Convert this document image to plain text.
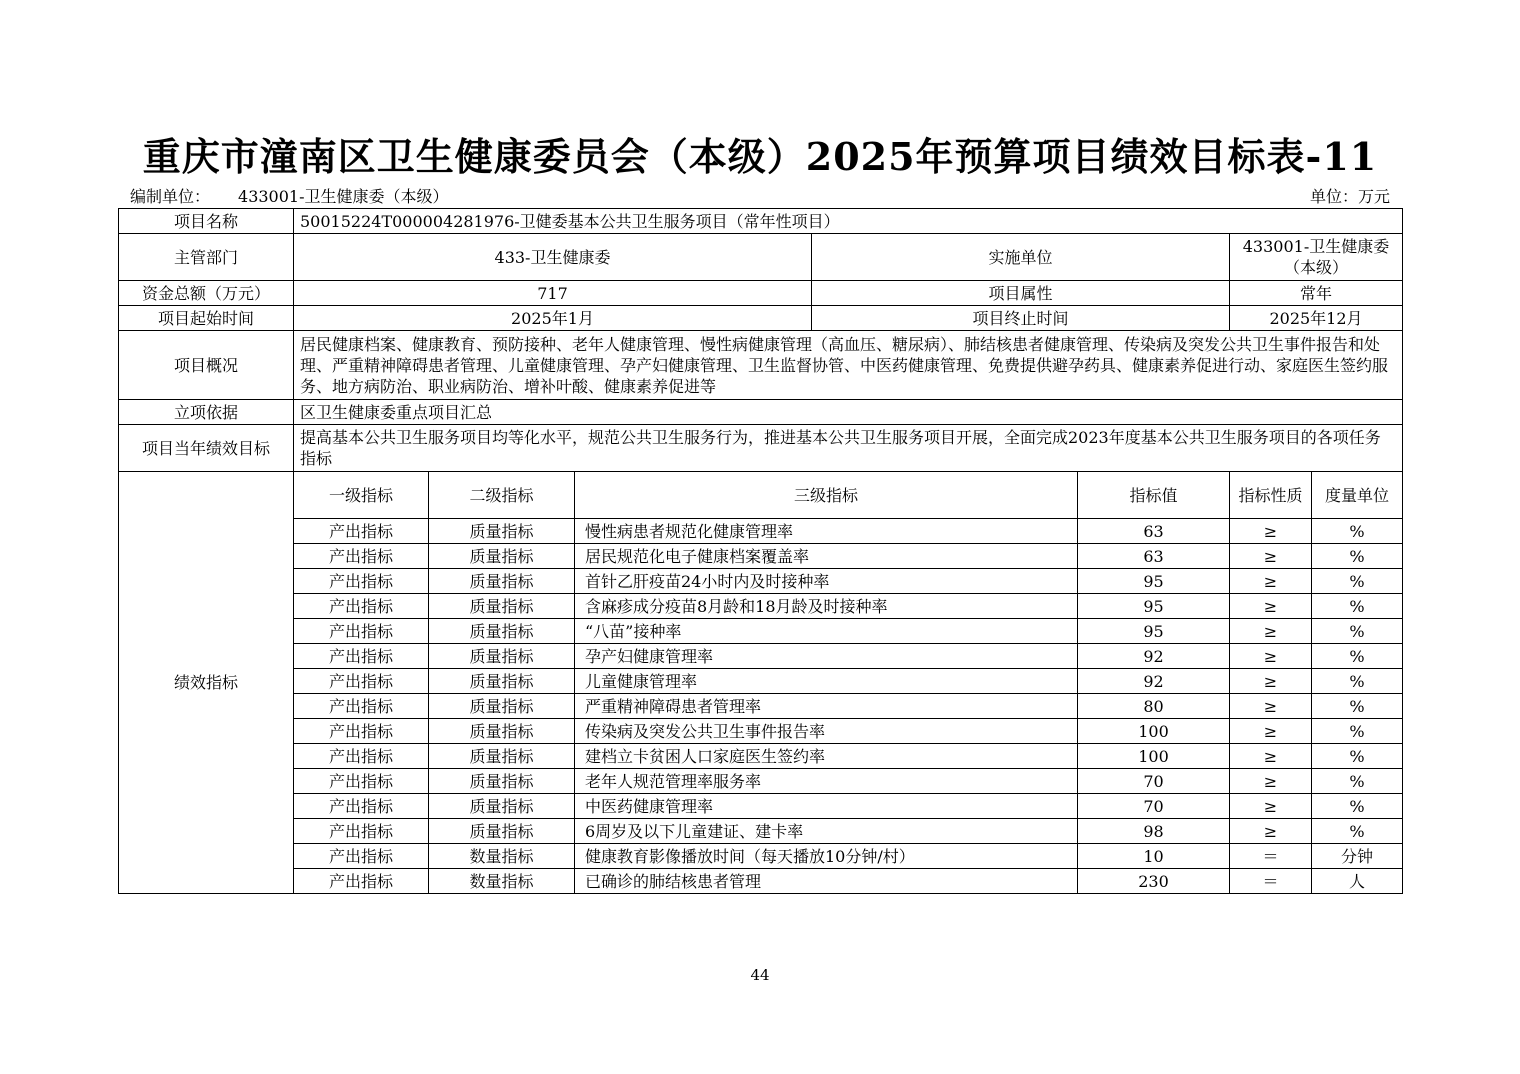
重庆市潼南区卫生健康委员会（本级）2025年预算项目绩效目标表-11
编制单位： 433001-卫生健康委（本级）	单位：万元
项目名称	50015224T000004281976-卫健委基本公共卫生服务项目（常年性项目）						
主管部门	433-卫生健康委			实施单位		433001-卫生健康委（本级）	
资金总额（万元）	717			项目属性		常年	
项目起始时间	2025年1月			项目终止时间		2025年12月	
项目概况	居民健康档案、健康教育、预防接种、老年人健康管理、慢性病健康管理（高血压、糖尿病）、肺结核患者健康管理、传染病及突发公共卫生事件报告和处理、严重精神障碍患者管理、儿童健康管理、孕产妇健康管理、卫生监督协管、中医药健康管理、免费提供避孕药具、健康素养促进行动、家庭医生签约服务、地方病防治、职业病防治、增补叶酸、健康素养促进等						
立项依据	区卫生健康委重点项目汇总						
项目当年绩效目标	提高基本公共卫生服务项目均等化水平，规范公共卫生服务行为，推进基本公共卫生服务项目开展，全面完成2023年度基本公共卫生服务项目的各项任务指标						
绩效指标	一级指标	二级指标	三级指标		指标值	指标性质	度量单位
	产出指标	质量指标	慢性病患者规范化健康管理率		63	≥	%
	产出指标	质量指标	居民规范化电子健康档案覆盖率		63	≥	%
	产出指标	质量指标	首针乙肝疫苗24小时内及时接种率		95	≥	%
	产出指标	质量指标	含麻疹成分疫苗8月龄和18月龄及时接种率		95	≥	%
	产出指标	质量指标	“八苗”接种率		95	≥	%
	产出指标	质量指标	孕产妇健康管理率		92	≥	%
	产出指标	质量指标	儿童健康管理率		92	≥	%
	产出指标	质量指标	严重精神障碍患者管理率		80	≥	%
	产出指标	质量指标	传染病及突发公共卫生事件报告率		100	≥	%
	产出指标	质量指标	建档立卡贫困人口家庭医生签约率		100	≥	%
	产出指标	质量指标	老年人规范管理率服务率		70	≥	%
	产出指标	质量指标	中医药健康管理率		70	≥	%
	产出指标	质量指标	6周岁及以下儿童建证、建卡率		98	≥	%
	产出指标	数量指标	健康教育影像播放时间（每天播放10分钟/村）		10	＝	分钟
	产出指标	数量指标	已确诊的肺结核患者管理		230	＝	人
44
